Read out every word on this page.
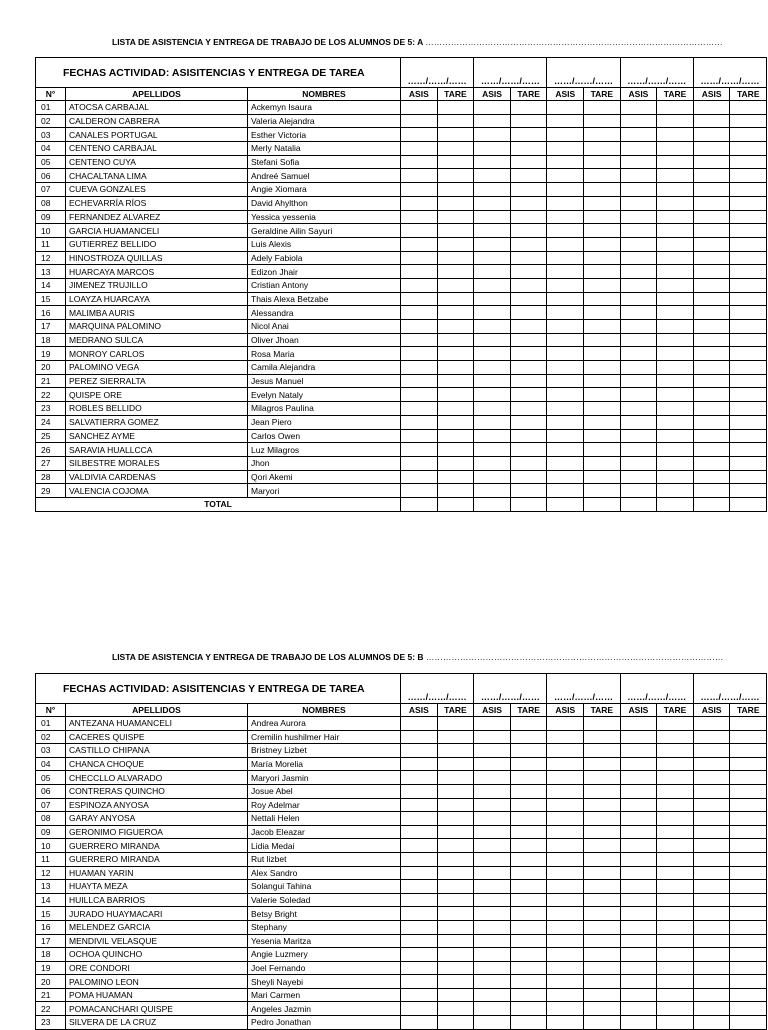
LISTA DE ASISTENCIA Y ENTREGA DE TRABAJO DE LOS ALUMNOS DE 5: A ……………………………………………………………………………………………
FECHAS ACTIVIDAD: ASISITENCIAS Y ENTREGA DE TAREA			……/……/……		……/……/……		……/……/……		……/……/……		……/……/……	
N°	APELLIDOS	NOMBRES	ASIS	TARE	ASIS	TARE	ASIS	TARE	ASIS	TARE	ASIS	TARE
01	ATOCSA CARBAJAL	Ackemyn Isaura										
02	CALDERON CABRERA	Valeria Alejandra										
03	CANALES PORTUGAL	Esther Victoria										
04	CENTENO CARBAJAL	Merly Natalia										
05	CENTENO CUYA	Stefani Sofia										
06	CHACALTANA LIMA	Andreé Samuel										
07	CUEVA GONZALES	Angie Xiomara										
08	ECHEVARRÍA RÍOS	David Ahylthon										
09	FERNANDEZ ALVAREZ	Yessica yessenia										
10	GARCIA HUAMANCELI	Geraldine Ailin Sayuri										
11	GUTIERREZ BELLIDO	Luis Alexis										
12	HINOSTROZA QUILLAS	Adely Fabiola										
13	HUARCAYA MARCOS	Edizon Jhair										
14	JIMENEZ TRUJILLO	Cristian Antony										
15	LOAYZA HUARCAYA	Thais Alexa Betzabe										
16	MALIMBA AURIS	Alessandra										
17	MARQUINA PALOMINO	Nicol Anai										
18	MEDRANO SULCA	Oliver Jhoan										
19	MONROY CARLOS	Rosa Maria										
20	PALOMINO VEGA	Camila Alejandra										
21	PEREZ SIERRALTA	Jesus Manuel										
22	QUISPE ORE	Evelyn Nataly										
23	ROBLES BELLIDO	Milagros Paulina										
24	SALVATIERRA GOMEZ	Jean Piero										
25	SANCHEZ AYME	Carlos Owen										
26	SARAVIA HUALLCCA	Luz Milagros										
27	SILBESTRE MORALES	Jhon										
28	VALDIVIA CARDENAS	Qori Akemi										
29	VALENCIA COJOMA	Maryori										
TOTAL												
LISTA DE ASISTENCIA Y ENTREGA DE TRABAJO DE LOS ALUMNOS DE 5: B ……………………………………………………………………………………………
FECHAS ACTIVIDAD: ASISITENCIAS Y ENTREGA DE TAREA			……/……/……		……/……/……		……/……/……		……/……/……		……/……/……	
N°	APELLIDOS	NOMBRES	ASIS	TARE	ASIS	TARE	ASIS	TARE	ASIS	TARE	ASIS	TARE
01	ANTEZANA HUAMANCELI	Andrea Aurora										
02	CACERES QUISPE	Cremilin hushilmer Hair										
03	CASTILLO CHIPANA	Bristney Lizbet										
04	CHANCA CHOQUE	María Morelia										
05	CHECCLLO ALVARADO	Maryori Jasmin										
06	CONTRERAS QUINCHO	Josue Abel										
07	ESPINOZA ANYOSA	Roy Adelmar										
08	GARAY ANYOSA	Nettali Helen										
09	GERONIMO FIGUEROA	Jacob Eleazar										
10	GUERRERO MIRANDA	Lidia Medai										
11	GUERRERO MIRANDA	Rut lizbet										
12	HUAMAN YARIN	Alex Sandro										
13	HUAYTA MEZA	Solangui Tahina										
14	HUILLCA BARRIOS	Valerie Soledad										
15	JURADO HUAYMACARI	Betsy Bright										
16	MELENDEZ GARCIA	Stephany										
17	MENDIVIL VELASQUE	Yesenia Maritza										
18	OCHOA QUINCHO	Angie Luzmery										
19	ORE CONDORI	Joel Fernando										
20	PALOMINO LEON	Sheyli Nayebi										
21	POMA HUAMAN	Mari Carmen										
22	POMACANCHARI QUISPE	Angeles Jazmin										
23	SILVERA DE LA CRUZ	Pedro Jonathan										
